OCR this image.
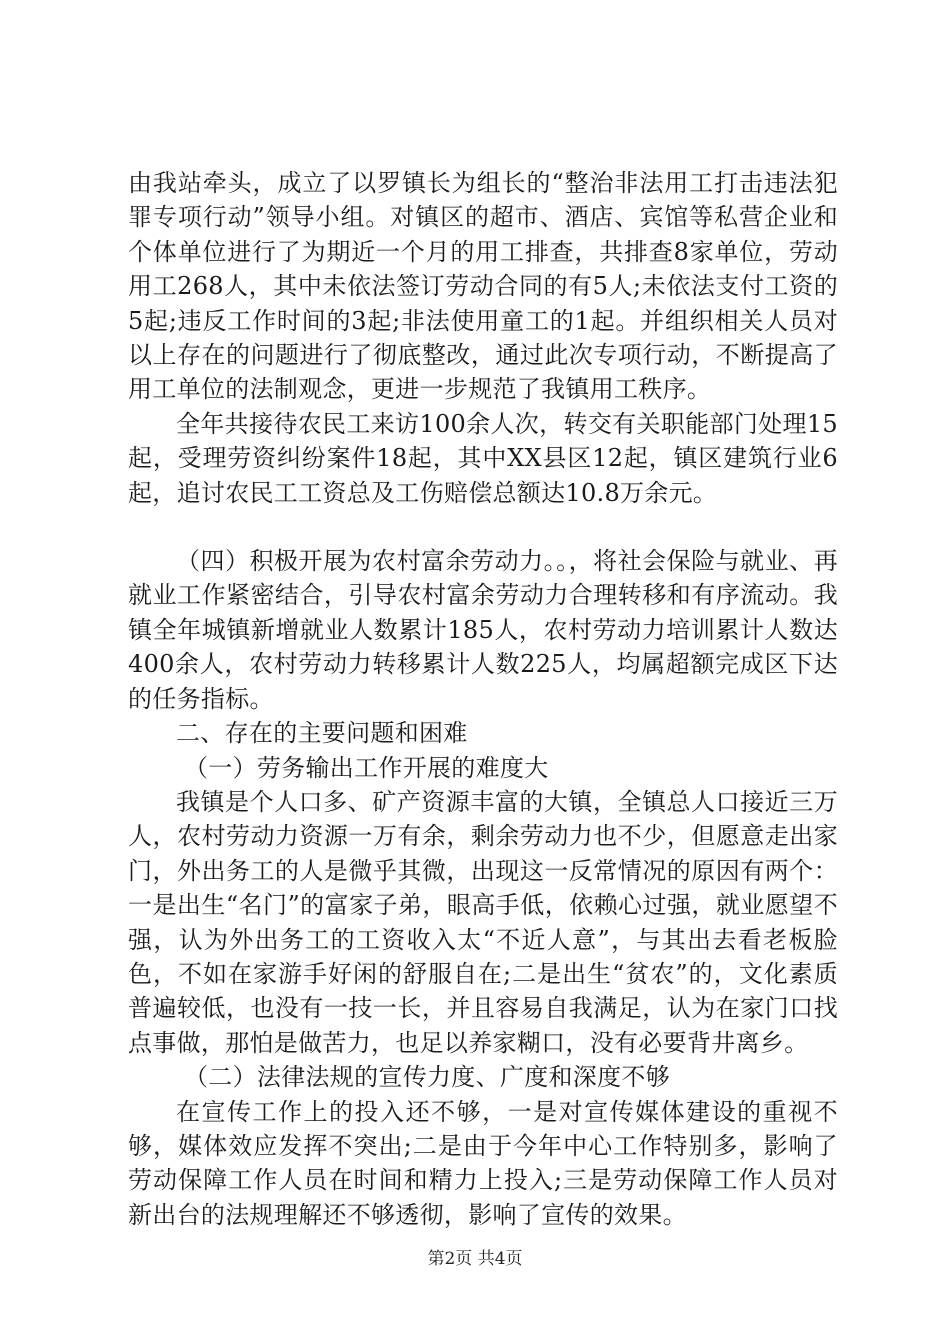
由我站牵头，成立了以罗镇长为组长的“整治非法用工打击违法犯罪专项行动”领导小组。对镇区的超市、酒店、宾馆等私营企业和个体单位进行了为期近一个月的用工排查，共排查8家单位，劳动用工268人，其中未依法签订劳动合同的有5人;未依法支付工资的5起;违反工作时间的3起;非法使用童工的1起。并组织相关人员对以上存在的问题进行了彻底整改，通过此次专项行动，不断提高了用工单位的法制观念，更进一步规范了我镇用工秩序。

全年共接待农民工来访100余人次，转交有关职能部门处理15起，受理劳资纠纷案件18起，其中XX县区12起，镇区建筑行业6起，追讨农民工工资总及工伤赔偿总额达10.8万余元。

（四）积极开展为农村富余劳动力。。，将社会保险与就业、再就业工作紧密结合，引导农村富余劳动力合理转移和有序流动。我镇全年城镇新增就业人数累计185人，农村劳动力培训累计人数达400余人，农村劳动力转移累计人数225人，均属超额完成区下达的任务指标。

二、存在的主要问题和困难

（一）劳务输出工作开展的难度大

我镇是个人口多、矿产资源丰富的大镇，全镇总人口接近三万人，农村劳动力资源一万有余，剩余劳动力也不少，但愿意走出家门，外出务工的人是微乎其微，出现这一反常情况的原因有两个：一是出生“名门”的富家子弟，眼高手低，依赖心过强，就业愿望不强，认为外出务工的工资收入太“不近人意”，与其出去看老板脸色，不如在家游手好闲的舒服自在;二是出生“贫农”的，文化素质普遍较低，也没有一技一长，并且容易自我满足，认为在家门口找点事做，那怕是做苦力，也足以养家糊口，没有必要背井离乡。

（二）法律法规的宣传力度、广度和深度不够

在宣传工作上的投入还不够，一是对宣传媒体建设的重视不够，媒体效应发挥不突出;二是由于今年中心工作特别多，影响了劳动保障工作人员在时间和精力上投入;三是劳动保障工作人员对新出台的法规理解还不够透彻，影响了宣传的效果。

第2页 共4页
